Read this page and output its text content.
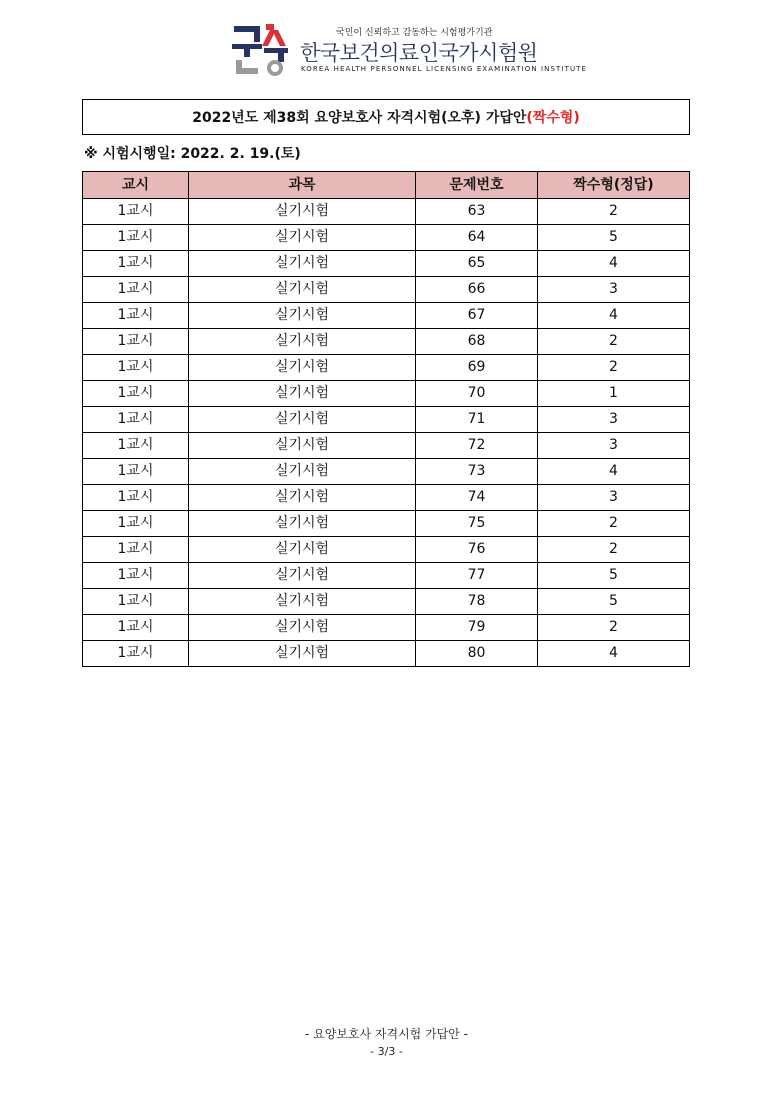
국민이 신뢰하고 감동하는 시험평가기관
한국보건의료인국가시험원
KOREA HEALTH PERSONNEL LICENSING EXAMINATION INSTITUTE
2022년도 제38회 요양보호사 자격시험(오후) 가답안 (짝수형)
※ 시험시행일: 2022. 2. 19.(토)
교시	과목	문제번호	짝수형(정답)
1교시	실기시험	63	2
1교시	실기시험	64	5
1교시	실기시험	65	4
1교시	실기시험	66	3
1교시	실기시험	67	4
1교시	실기시험	68	2
1교시	실기시험	69	2
1교시	실기시험	70	1
1교시	실기시험	71	3
1교시	실기시험	72	3
1교시	실기시험	73	4
1교시	실기시험	74	3
1교시	실기시험	75	2
1교시	실기시험	76	2
1교시	실기시험	77	5
1교시	실기시험	78	5
1교시	실기시험	79	2
1교시	실기시험	80	4
- 요양보호사 자격시험 가답안 -
- 3/3 -
